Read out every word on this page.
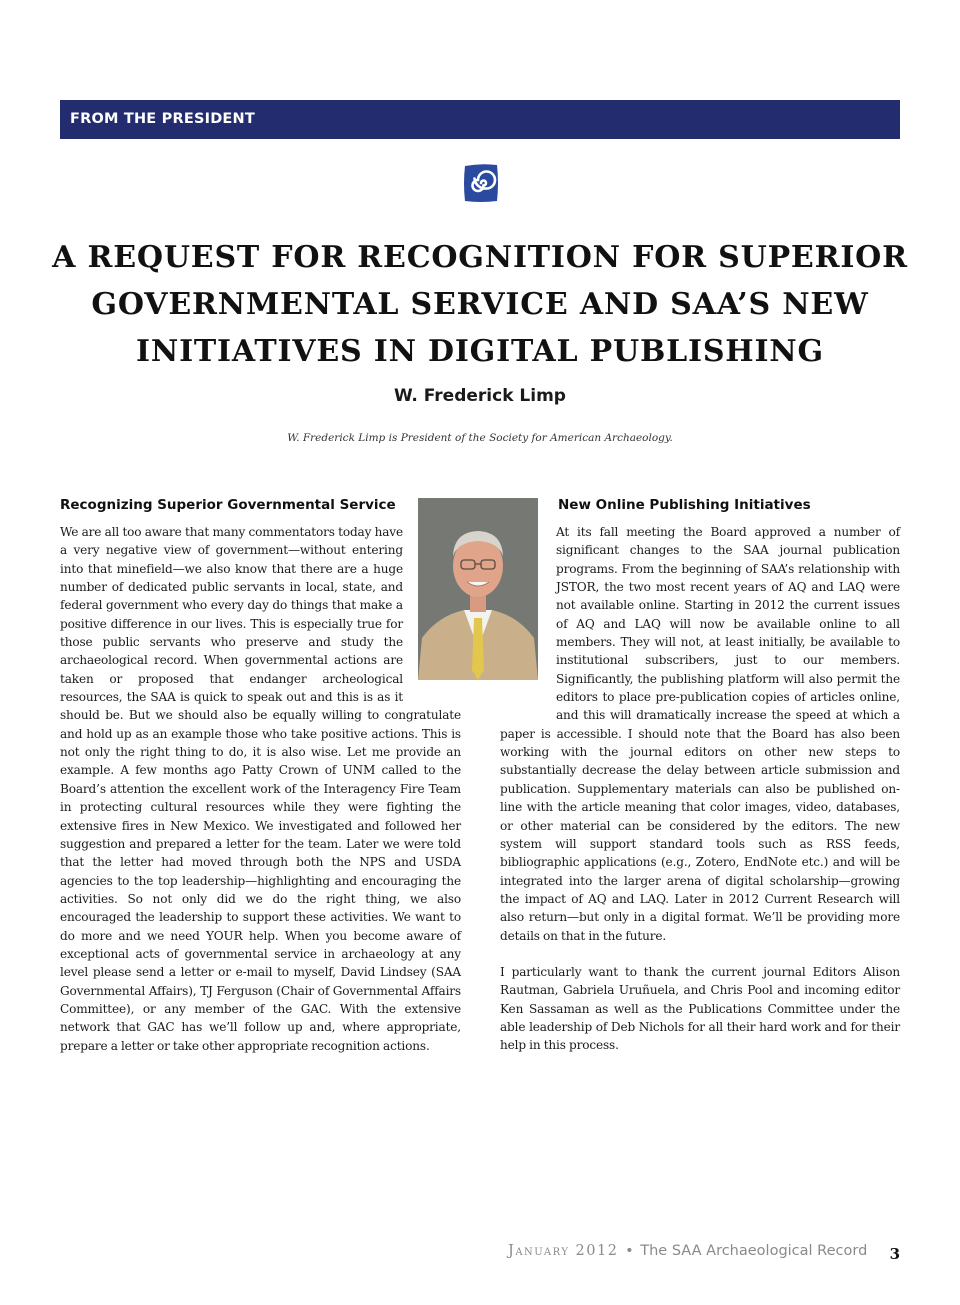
FROM THE PRESIDENT
A REQUEST FOR RECOGNITION FOR SUPERIOR
GOVERNMENTAL SERVICE AND SAA’S NEW
INITIATIVES IN DIGITAL PUBLISHING
W. Frederick Limp
W. Frederick Limp is President of the Society for American Archaeology.
Recognizing Superior Governmental Service

We are all too aware that many commentators today have a very negative view of government—without entering into that minefield—we also know that there are a huge number of dedicated public servants in local, state, and federal government who every day do things that make a positive difference in our lives. This is especially true for those public servants who preserve and study the archaeological record. When governmental actions are taken or proposed that endanger archeological resources, the SAA is quick to speak out and this is as it should be. But we should also be equally willing to congratulate and hold up as an example those who take positive actions. This is not only the right thing to do, it is also wise. Let me provide an example. A few months ago Patty Crown of UNM called to the Board’s attention the excellent work of the Interagency Fire Team in protecting cultural resources while they were fighting the extensive fires in New Mexico. We investigated and followed her suggestion and prepared a letter for the team. Later we were told that the letter had moved through both the NPS and USDA agencies to the top leadership—highlighting and encouraging the activities. So not only did we do the right thing, we also encouraged the leadership to support these activities. We want to do more and we need YOUR help. When you become aware of exceptional acts of governmental service in archaeology at any level please send a letter or e-mail to myself, David Lindsey (SAA Governmental Affairs), TJ Ferguson (Chair of Governmental Affairs Committee), or any member of the GAC. With the extensive network that GAC has we’ll follow up and, where appropriate, prepare a letter or take other appropriate recognition actions.

New Online Publishing Initiatives

At its fall meeting the Board approved a number of significant changes to the SAA journal publication programs. From the beginning of SAA’s relationship with JSTOR, the two most recent years of AQ and LAQ were not available online. Starting in 2012 the current issues of AQ and LAQ will now be available online to all members. They will not, at least initially, be available to institutional subscribers, just to our members. Significantly, the publishing platform will also permit the editors to place pre-publication copies of articles online, and this will dramatically increase the speed at which a paper is accessible. I should note that the Board has also been working with the journal editors on other new steps to substantially decrease the delay between article submission and publication. Supplementary materials can also be published on-line with the article meaning that color images, video, databases, or other material can be considered by the editors. The new system will support standard tools such as RSS feeds, bibliographic applications (e.g., Zotero, EndNote etc.) and will be integrated into the larger arena of digital scholarship—growing the impact of AQ and LAQ. Later in 2012 Current Research will also return—but only in a digital format. We’ll be providing more details on that in the future.

I particularly want to thank the current journal Editors Alison Rautman, Gabriela Uruñuela, and Chris Pool and incoming editor Ken Sassaman as well as the Publications Committee under the able leadership of Deb Nichols for all their hard work and for their help in this process.

January 2012 • The SAA Archaeological Record 3
